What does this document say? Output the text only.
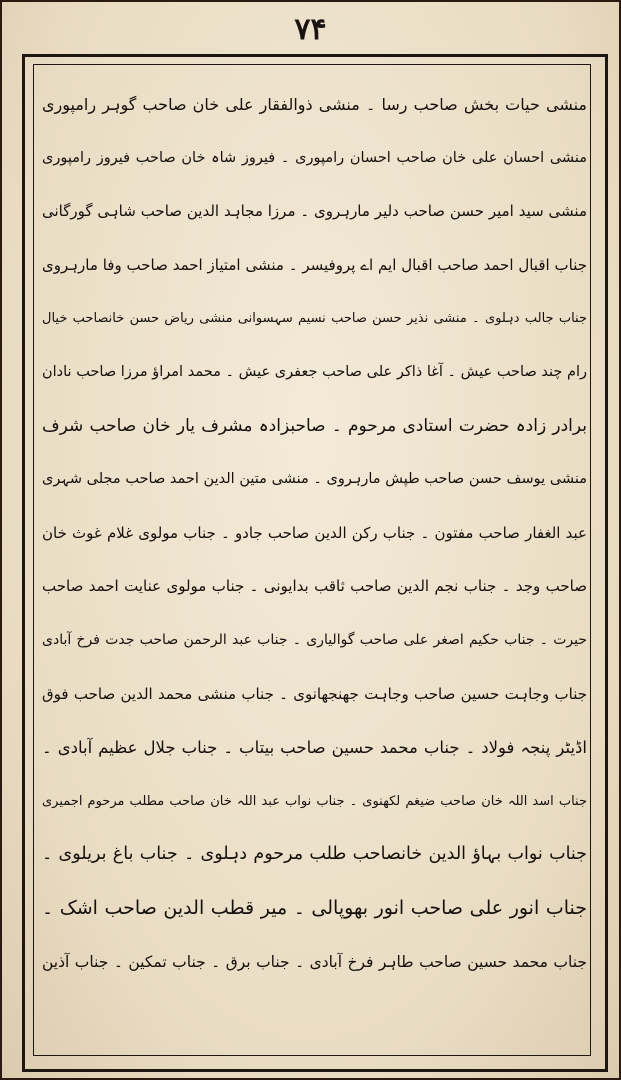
۷۴
منشی حیات بخش صاحب رسا ۔ منشی ذوالفقار علی خان صاحب گوہر رامپوری
منشی احسان علی خان صاحب احسان رامپوری ۔ فیروز شاہ خان صاحب فیروز رامپوری
منشی سید امیر حسن صاحب دلیر مارہروی ۔ مرزا مجاہد الدین صاحب شاہی گورگانی
جناب اقبال احمد صاحب اقبال ایم اے پروفیسر ۔ منشی امتیاز احمد صاحب وفا مارہروی
جناب جالب دہلوی ۔ منشی نذیر حسن صاحب نسیم سہسوانی منشی ریاض حسن خانصاحب خیال
رام چند صاحب عیش ۔ آغا ذاکر علی صاحب جعفری عیش ۔ محمد امراؤ مرزا صاحب نادان
برادر زادہ حضرت استادی مرحوم ۔ صاحبزادہ مشرف یار خان صاحب شرف
منشی یوسف حسن صاحب طپش مارہروی ۔ منشی متین الدین احمد صاحب مجلی شہری
عبد الغفار صاحب مفتون ۔ جناب رکن الدین صاحب جادو ۔ جناب مولوی غلام غوث خان
صاحب وجد ۔ جناب نجم الدین صاحب ثاقب بدایونی ۔ جناب مولوی عنایت احمد صاحب
حیرت ۔ جناب حکیم اصغر علی صاحب گوالیاری ۔ جناب عبد الرحمن صاحب جدت فرخ آبادی
جناب وجاہت حسین صاحب وجاہت جھنجھانوی ۔ جناب منشی محمد الدین صاحب فوق
اڈیٹر پنجہ فولاد ۔ جناب محمد حسین صاحب بیتاب ۔ جناب جلال عظیم آبادی ۔
جناب اسد اللہ خان صاحب ضیغم لکھنوی ۔ جناب نواب عبد اللہ خان صاحب مطلب مرحوم اجمیری
جناب نواب بہاؤ الدین خانصاحب طلب مرحوم دہلوی ۔ جناب باغ بریلوی ۔
جناب انور علی صاحب انور بھوپالی ۔ میر قطب الدین صاحب اشک ۔
جناب محمد حسین صاحب طاہر فرخ آبادی ۔ جناب برق ۔ جناب تمکین ۔ جناب آذین
